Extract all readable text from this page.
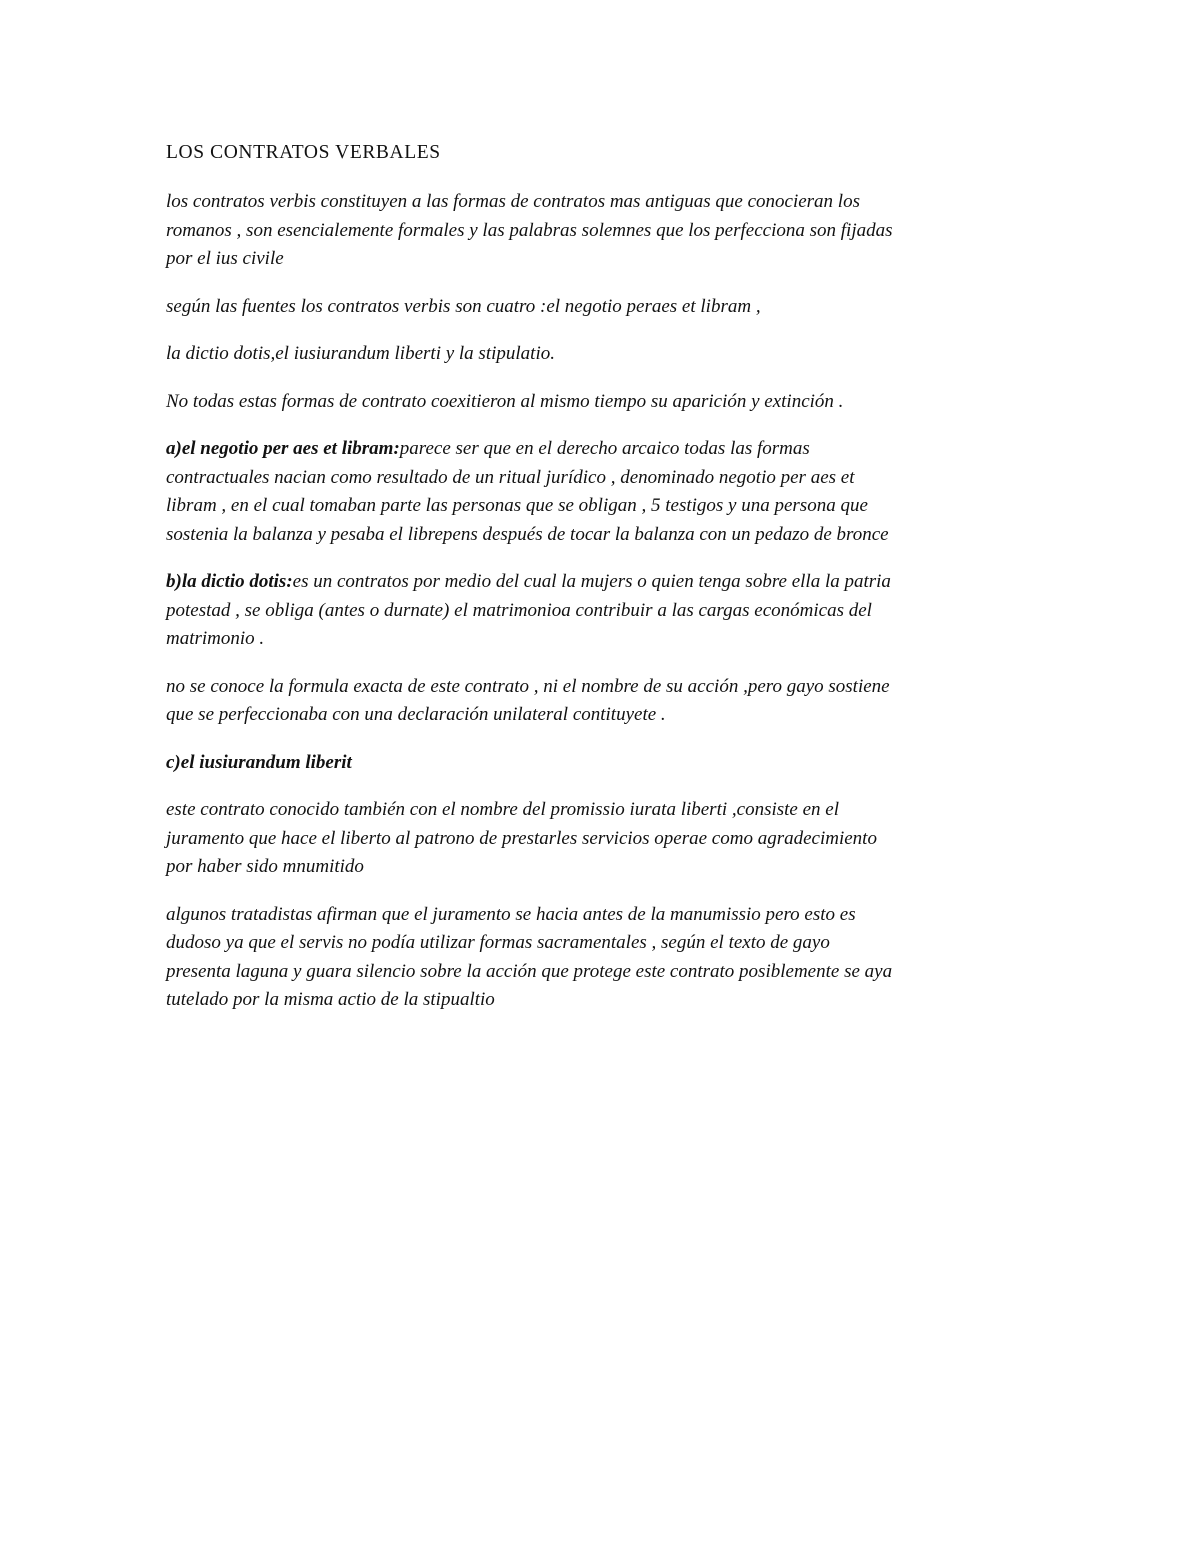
LOS CONTRATOS VERBALES
los contratos verbis constituyen a las formas de contratos mas antiguas que conocieran los
romanos , son esencialemente formales y las palabras solemnes que los perfecciona son fijadas
por el ius civile
según las fuentes los contratos verbis son cuatro :el negotio peraes et libram ,
la dictio dotis,el iusiurandum liberti y la stipulatio.
No todas estas formas de contrato coexitieron al mismo tiempo su aparición y extinción .
a)el negotio per aes et libram:parece ser que en el derecho arcaico todas las formas
contractuales nacian como resultado de un ritual jurídico , denominado negotio per aes et
libram , en el cual tomaban parte las personas que se obligan , 5 testigos y una persona que
sostenia la balanza y pesaba el librepens después de tocar la balanza con un pedazo de bronce
b)la dictio dotis:es un contratos por medio del cual la mujers o quien tenga sobre ella la patria
potestad , se obliga (antes o durnate) el matrimonioa contribuir a las cargas económicas del
matrimonio .
no se conoce la formula exacta de este contrato , ni el nombre de su acción ,pero gayo sostiene
que se perfeccionaba con una declaración unilateral contituyete .
c)el iusiurandum liberit
este contrato conocido también con el nombre del promissio iurata liberti ,consiste en el
juramento que hace el liberto al patrono de prestarles servicios operae como agradecimiento
por haber sido mnumitido
algunos tratadistas afirman que el juramento se hacia antes de la manumissio pero esto es
dudoso ya que el servis no podía utilizar formas sacramentales , según el texto de gayo
presenta laguna y guara silencio sobre la acción que protege este contrato posiblemente se aya
tutelado por la misma actio de la stipualtio
